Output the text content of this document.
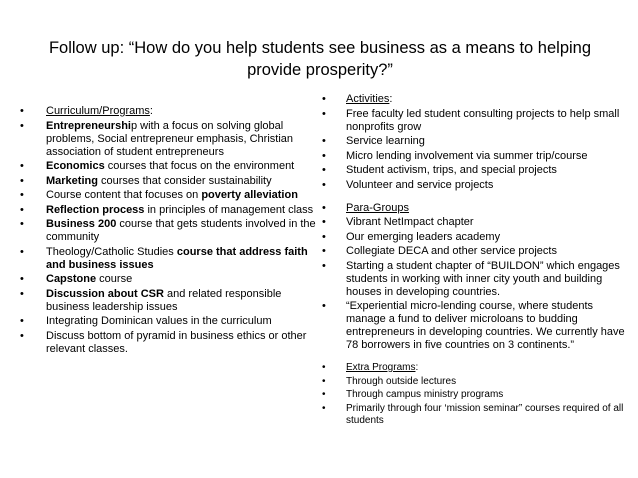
Follow up: “How do you help students see business as a means to helping provide prosperity?”
• Curriculum/Programs:
• Entrepreneurship with a focus on solving global problems, Social entrepreneur emphasis, Christian association of student entrepreneurs
• Economics courses that focus on the environment
• Marketing courses that consider sustainability
• Course content that focuses on poverty alleviation
• Reflection process in principles of management class
• Business 200 course that gets students involved in the community
• Theology/Catholic Studies course that address faith and business issues
• Capstone course
• Discussion about CSR and related responsible business leadership issues
• Integrating Dominican values in the curriculum
• Discuss bottom of pyramid in business ethics or other relevant classes.
• Activities:
• Free faculty led student consulting projects to help small nonprofits grow
• Service learning
• Micro lending involvement via summer trip/course
• Student activism, trips, and special projects
• Volunteer and service projects
• Para-Groups
• Vibrant NetImpact chapter
• Our emerging leaders academy
• Collegiate DECA and other service projects
• Starting a student chapter of “BUILDON” which engages students in working with inner city youth and building houses in developing countries.
• “Experiential micro-lending course, where students manage a fund to deliver microloans to budding entrepreneurs in developing countries. We currently have 78 borrowers in five countries on 3 continents.”
• Extra Programs:
• Through outside lectures
• Through campus ministry programs
• Primarily through four ‘mission seminar” courses required of all students
